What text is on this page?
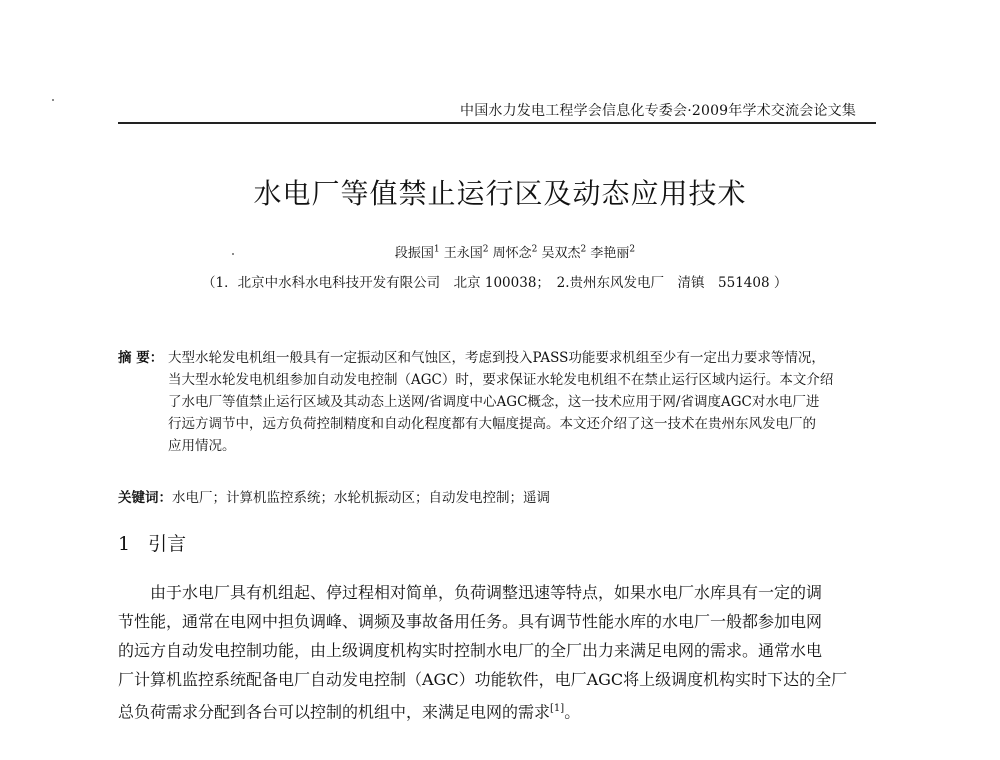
中国水力发电工程学会信息化专委会·2009年学术交流会论文集
水电厂等值禁止运行区及动态应用技术
段振国$^1$ 王永国$^2$ 周怀念$^2$ 吴双杰$^2$ 李艳丽$^2$
（1．北京中水科水电科技开发有限公司　北京 100038；　2.贵州东风发电厂　清镇　551408 ）
摘 要： 大型水轮发电机组一般具有一定振动区和气蚀区，考虑到投入PASS功能要求机组至少有一定出力要求等情况，
当大型水轮发电机组参加自动发电控制（AGC）时，要求保证水轮发电机组不在禁止运行区域内运行。本文介绍
了水电厂等值禁止运行区域及其动态上送网/省调度中心AGC概念，这一技术应用于网/省调度AGC对水电厂进
行远方调节中，远方负荷控制精度和自动化程度都有大幅度提高。本文还介绍了这一技术在贵州东风发电厂的
应用情况。
关键词：水电厂；计算机监控系统；水轮机振动区；自动发电控制；遥调
1 引言
由于水电厂具有机组起、停过程相对简单，负荷调整迅速等特点，如果水电厂水库具有一定的调
节性能，通常在电网中担负调峰、调频及事故备用任务。具有调节性能水库的水电厂一般都参加电网
的远方自动发电控制功能，由上级调度机构实时控制水电厂的全厂出力来满足电网的需求。通常水电
厂计算机监控系统配备电厂自动发电控制（AGC）功能软件，电厂AGC将上级调度机构实时下达的全厂
总负荷需求分配到各台可以控制的机组中，来满足电网的需求[1]。
